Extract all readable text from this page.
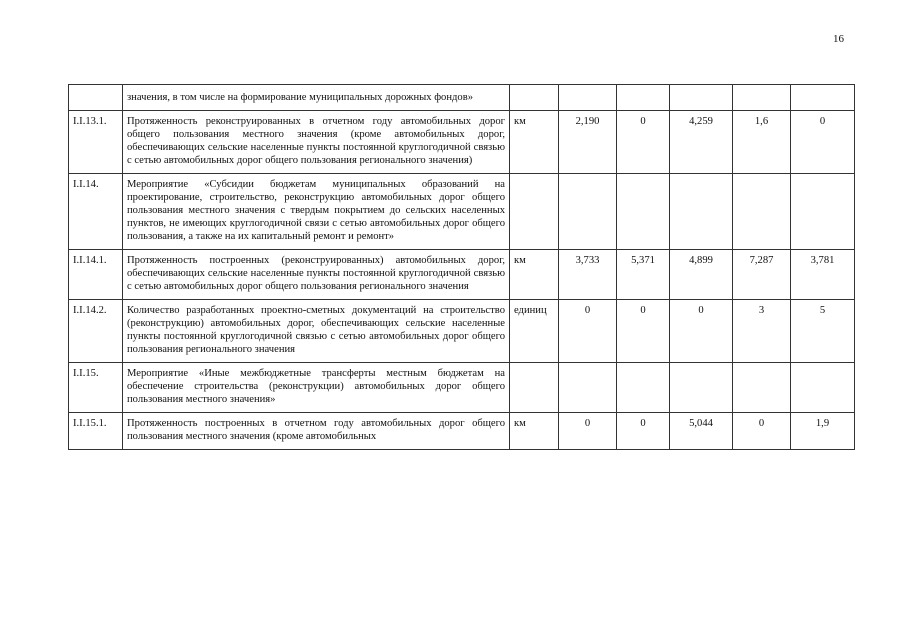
16
	значения, в том числе на формирование муниципальных дорожных фондов»						
I.I.13.1.	Протяженность реконструированных в отчетном году автомобильных дорог общего пользования местного значения (кроме автомобильных дорог, обеспечивающих сельские населенные пункты постоянной круглогодичной связью с сетью автомобильных дорог общего пользования регионального значения)	км	2,190	0	4,259	1,6	0
I.I.14.	Мероприятие «Субсидии бюджетам муниципальных образований на проектирование, строительство, реконструкцию автомобильных дорог общего пользования местного значения с твердым покрытием до сельских населенных пунктов, не имеющих круглогодичной связи с сетью автомобильных дорог общего пользования, а также на их капитальный ремонт и ремонт»						
I.I.14.1.	Протяженность построенных (реконструированных) автомобильных дорог, обеспечивающих сельские населенные пункты постоянной круглогодичной связью с сетью автомобильных дорог общего пользования регионального значения	км	3,733	5,371	4,899	7,287	3,781
I.I.14.2.	Количество разработанных проектно-сметных документаций на строительство (реконструкцию) автомобильных дорог, обеспечивающих сельские населенные пункты постоянной круглогодичной связью с сетью автомобильных дорог общего пользования регионального значения	единиц	0	0	0	3	5
I.I.15.	Мероприятие «Иные межбюджетные трансферты местным бюджетам на обеспечение строительства (реконструкции) автомобильных дорог общего пользования местного значения»						
I.I.15.1.	Протяженность построенных в отчетном году автомобильных дорог общего пользования местного значения (кроме автомобильных	км	0	0	5,044	0	1,9
